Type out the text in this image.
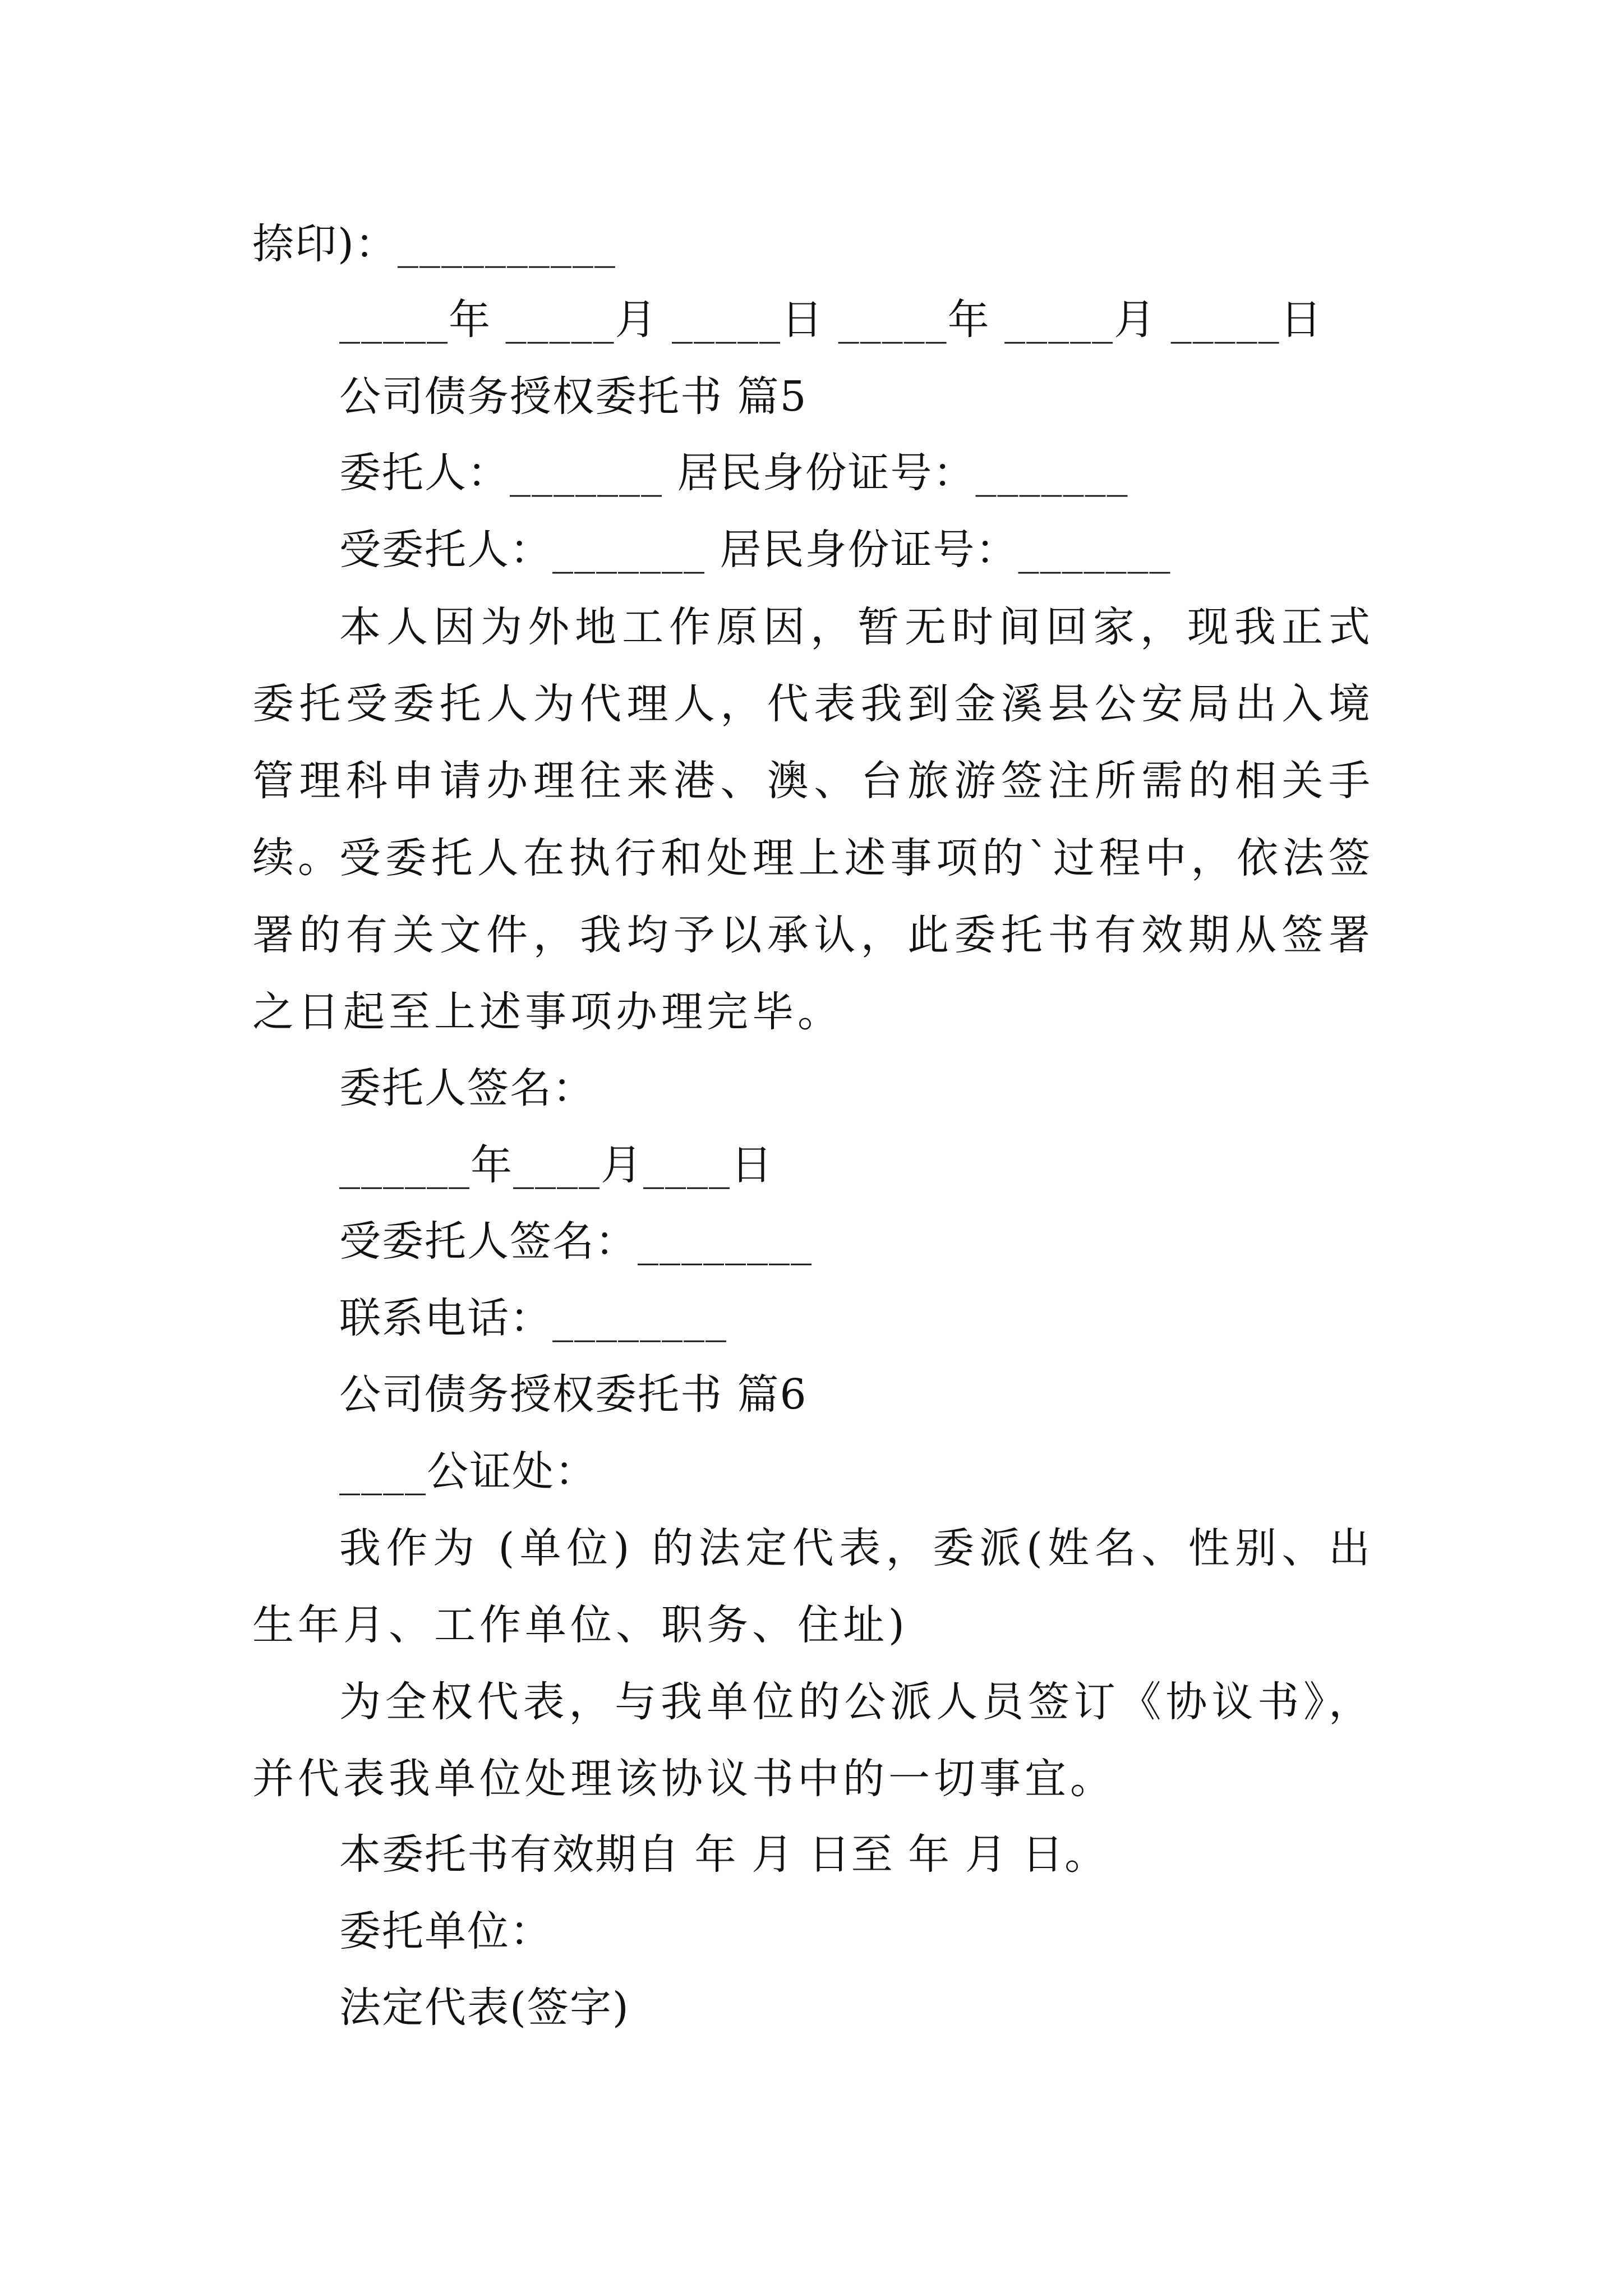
捺印)：__________
_____年 _____月 _____日 _____年 _____月 _____日
公司债务授权委托书 篇5
委托人：_______ 居民身份证号：_______
受委托人：_______ 居民身份证号：_______
本人因为外地工作原因，暂无时间回家，现我正式委托受委托人为代理人，代表我到金溪县公安局出入境管理科申请办理往来港、澳、台旅游签注所需的相关手续。
受委托人在执行和处理上述事项的`过程中，依法签署的有关文件，我均予以承认，此委托书有效期从签署之日起至上述事项办理完毕。
委托人签名：
______年____月____日
受委托人签名：________
联系电话：________
公司债务授权委托书 篇6
____公证处：
我作为 (单位) 的法定代表，委派(姓名、性别、出生年月、工作单位、职务、住址)
为全权代表，与我单位的公派人员签订《协议书》，并代表我单位处理该协议书中的一切事宜。
本委托书有效期自 年 月 日至 年 月 日。
委托单位：
法定代表(签字)
